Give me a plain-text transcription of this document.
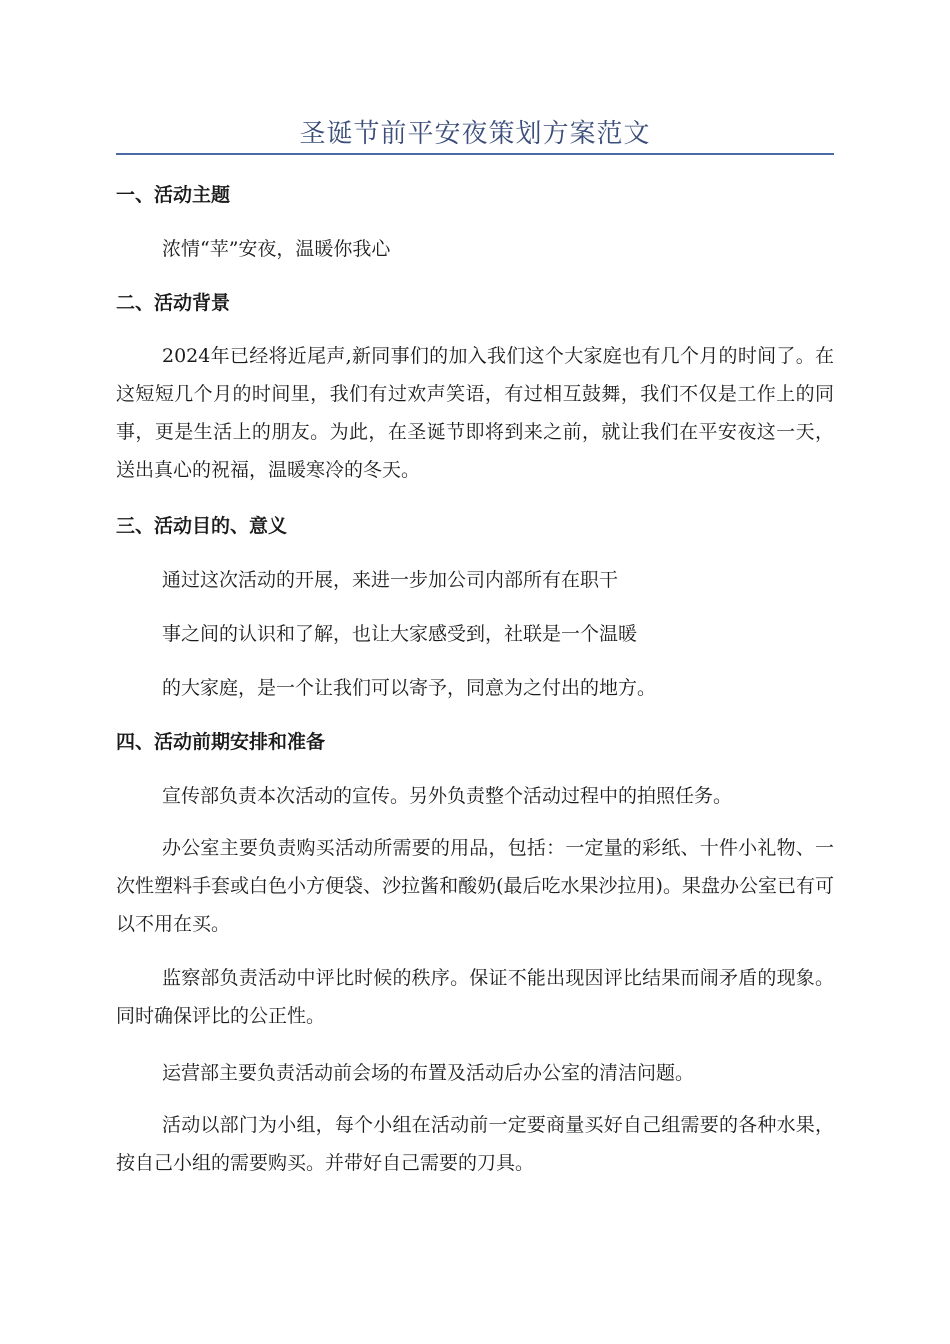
圣诞节前平安夜策划方案范文
一、活动主题
浓情“苹”安夜，温暖你我心
二、活动背景

2024年已经将近尾声,新同事们的加入我们这个大家庭也有几个月的时间了。在这短短几个月的时间里，我们有过欢声笑语，有过相互鼓舞，我们不仅是工作上的同事，更是生活上的朋友。为此，在圣诞节即将到来之前，就让我们在平安夜这一天，送出真心的祝福，温暖寒冷的冬天。

三、活动目的、意义
通过这次活动的开展，来进一步加公司内部所有在职干
事之间的认识和了解，也让大家感受到，社联是一个温暖
的大家庭，是一个让我们可以寄予，同意为之付出的地方。
四、活动前期安排和准备
宣传部负责本次活动的宣传。另外负责整个活动过程中的拍照任务。

办公室主要负责购买活动所需要的用品，包括：一定量的彩纸、十件小礼物、一次性塑料手套或白色小方便袋、沙拉酱和酸奶(最后吃水果沙拉用)。果盘办公室已有可以不用在买。

监察部负责活动中评比时候的秩序。保证不能出现因评比结果而闹矛盾的现象。同时确保评比的公正性。

运营部主要负责活动前会场的布置及活动后办公室的清洁问题。

活动以部门为小组，每个小组在活动前一定要商量买好自己组需要的各种水果，按自己小组的需要购买。并带好自己需要的刀具。
